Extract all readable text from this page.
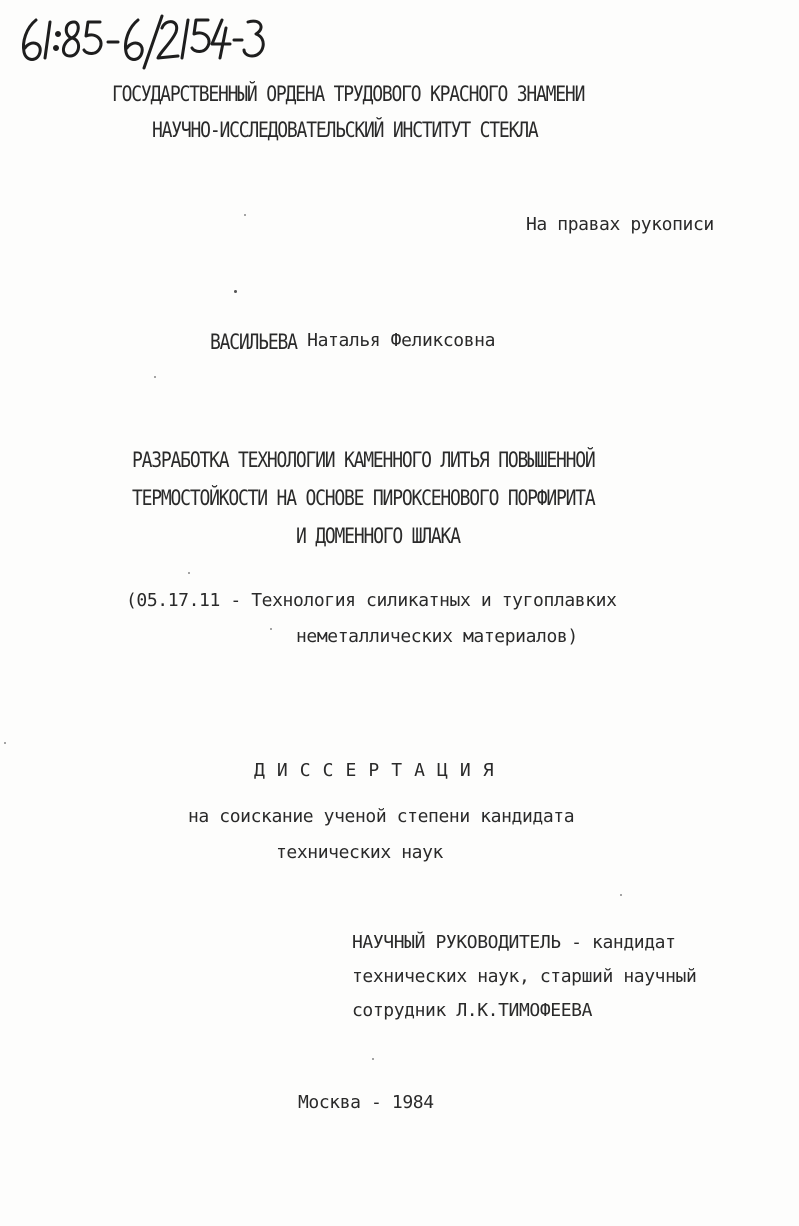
ГОСУДАРСТВЕННЫЙ ОРДЕНА ТРУДОВОГО КРАСНОГО ЗНАМЕНИ
НАУЧНО-ИССЛЕДОВАТЕЛЬСКИЙ ИНСТИТУТ СТЕКЛА
На правах рукописи
ВАСИЛЬЕВА Наталья Феликсовна
РАЗРАБОТКА ТЕХНОЛОГИИ КАМЕННОГО ЛИТЬЯ ПОВЫШЕННОЙ
ТЕРМОСТОЙКОСТИ НА ОСНОВЕ ПИРОКСЕНОВОГО ПОРФИРИТА
И ДОМЕННОГО ШЛАКА
(05.17.11 - Технология силикатных и тугоплавких
неметаллических материалов)
Д И С С Е Р Т А Ц И Я
на соискание ученой степени кандидата
технических наук
НАУЧНЫЙ РУКОВОДИТЕЛЬ - кандидат
технических наук, старший научный
сотрудник Л.К.ТИМОФЕЕВА
Москва - 1984
